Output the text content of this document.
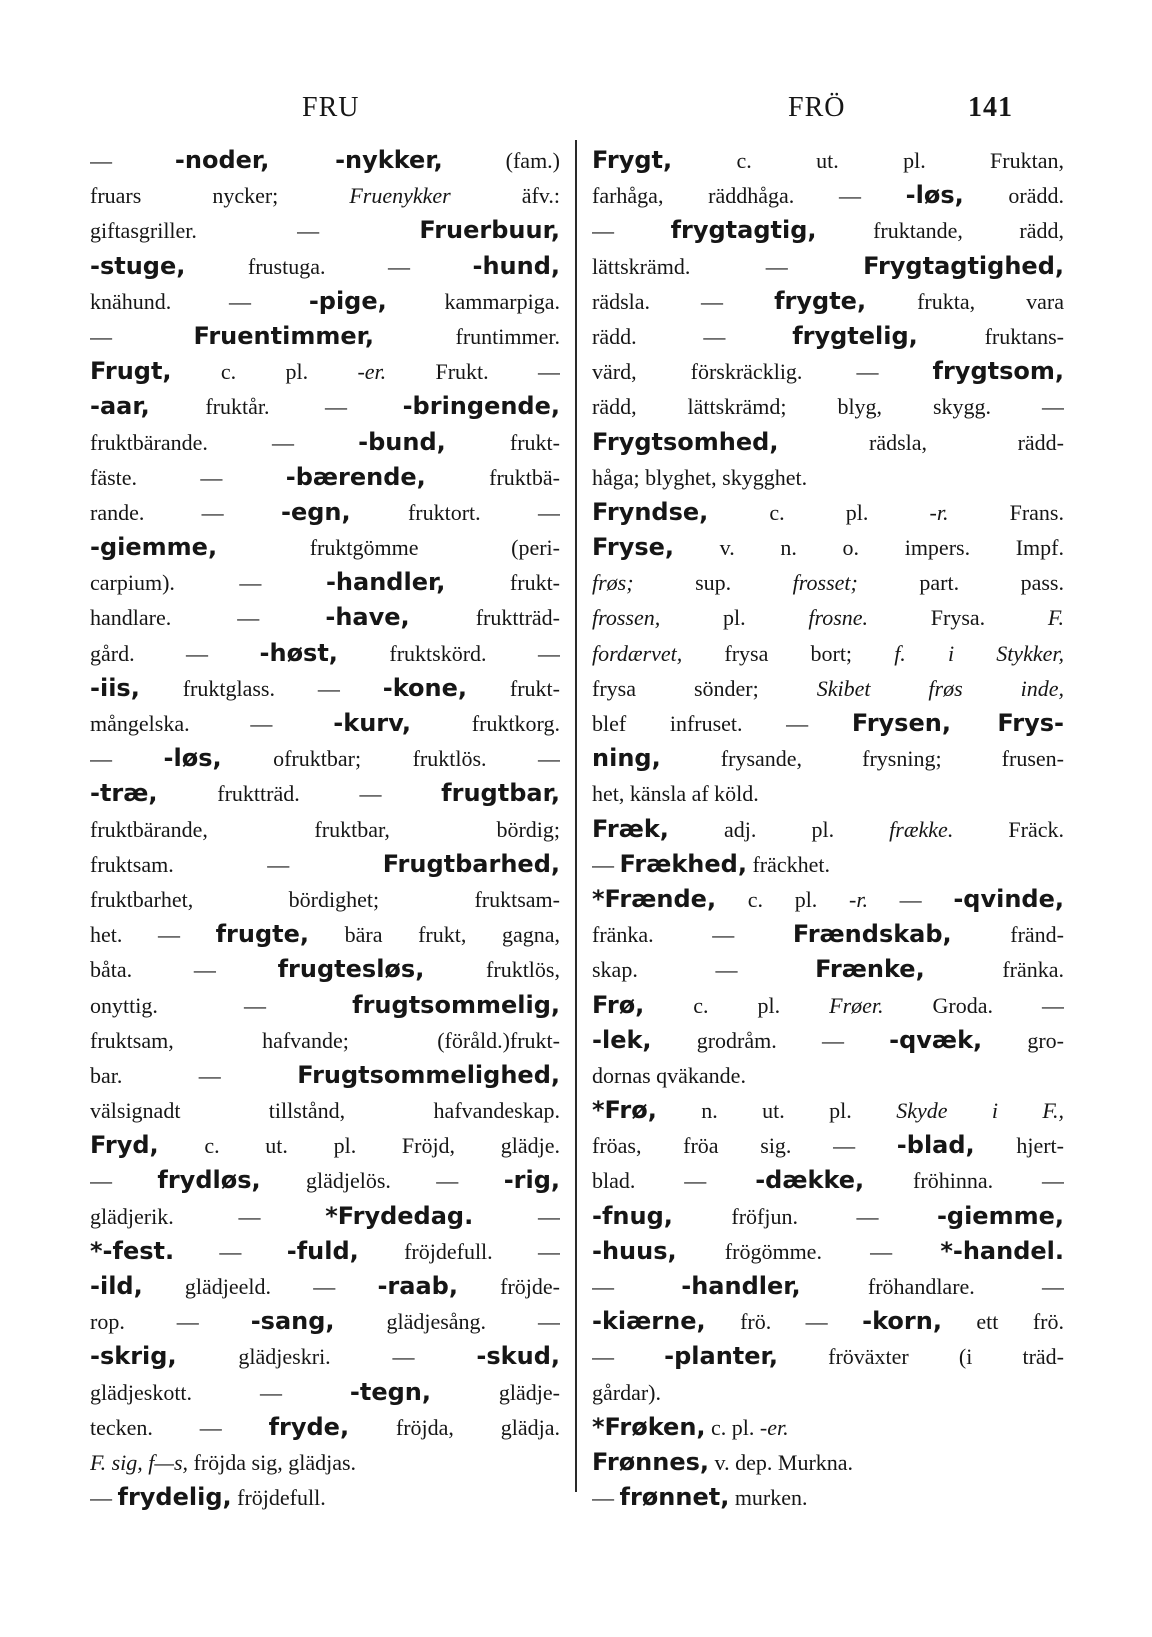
FRU	FRÖ	141
— -noder, -nykker, (fam.)
fruars nycker; Fruenykker äfv.:
giftasgriller. — Fruerbuur,
-stuge, frustuga. — -hund,
knähund. — -pige, kammarpiga.
— Fruentimmer, fruntimmer.
Frugt, c. pl. -er. Frukt. —
-aar, fruktår. — -bringende,
fruktbärande. — -bund, frukt-
fäste. — -bærende, fruktbä-
rande. — -egn, fruktort. —
-giemme, fruktgömme (peri-
carpium). — -handler, frukt-
handlare. — -have, fruktträd-
gård. — -høst, fruktskörd. —
-iis, fruktglass. — -kone, frukt-
mångelska. — -kurv, fruktkorg.
— -løs, ofruktbar; fruktlös. —
-træ, fruktträd. — frugtbar,
fruktbärande, fruktbar, bördig;
fruktsam. — Frugtbarhed,
fruktbarhet, bördighet; fruktsam-
het. — frugte, bära frukt, gagna,
båta. — frugtesløs, fruktlös,
onyttig. — frugtsommelig,
fruktsam, hafvande; (föråld.)frukt-
bar. — Frugtsommelighed,
välsignadt tillstånd, hafvandeskap.
Fryd, c. ut. pl. Fröjd, glädje.
— frydløs, glädjelös. — -rig,
glädjerik. — *Frydedag. —
*-fest. — -fuld, fröjdefull. —
-ild, glädjeeld. — -raab, fröjde-
rop. — -sang, glädjesång. —
-skrig, glädjeskri. — -skud,
glädjeskott. — -tegn, glädje-
tecken. — fryde, fröjda, glädja.
F. sig, f—s, fröjda sig, glädjas.
— frydelig, fröjdefull.
Frygt, c. ut. pl. Fruktan,
farhåga, räddhåga. — -løs, orädd.
— frygtagtig, fruktande, rädd,
lättskrämd. — Frygtagtighed,
rädsla. — frygte, frukta, vara
rädd. — frygtelig, fruktans-
värd, förskräcklig. — frygtsom,
rädd, lättskrämd; blyg, skygg. —
Frygtsomhed, rädsla, rädd-
håga; blyghet, skygghet.
Fryndse, c. pl. -r. Frans.
Fryse, v. n. o. impers. Impf.
frøs; sup. frosset; part. pass.
frossen, pl. frosne. Frysa. F.
fordærvet, frysa bort; f. i Stykker,
frysa sönder; Skibet frøs inde,
blef infruset. — Frysen, Frys-
ning, frysande, frysning; frusen-
het, känsla af köld.
Fræk, adj. pl. frække. Fräck.
— Frækhed, fräckhet.
*Frænde, c. pl. -r. — -qvinde,
fränka. — Frændskab, fränd-
skap. — Frænke, fränka.
Frø, c. pl. Frøer. Groda. —
-lek, grodråm. — -qvæk, gro-
dornas qväkande.
*Frø, n. ut. pl. Skyde i F.,
fröas, fröa sig. — -blad, hjert-
blad. — -dække, fröhinna. —
-fnug, fröfjun. — -giemme,
-huus, frögömme. — *-handel.
— -handler, fröhandlare. —
-kiærne, frö. — -korn, ett frö.
— -planter, fröväxter (i träd-
gårdar).
*Frøken, c. pl. -er.
Frønnes, v. dep. Murkna.
— frønnet, murken.
